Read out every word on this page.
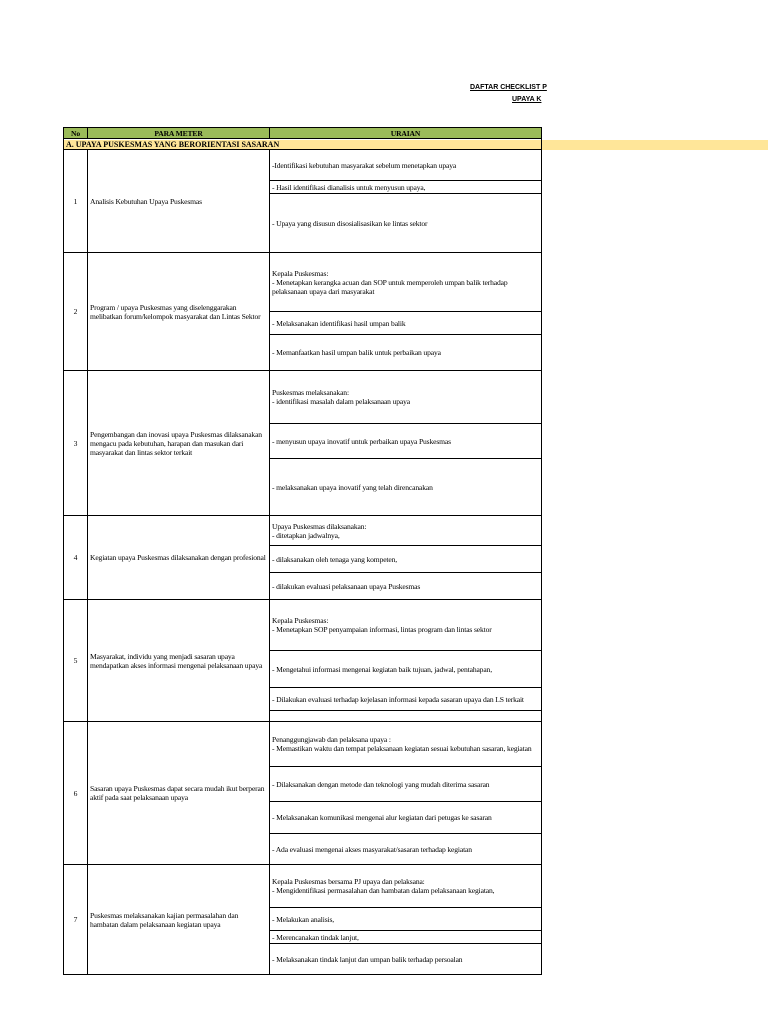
DAFTAR CHECKLIST P
UPAYA K
No	PARA METER	URAIAN

1	Analisis Kebutuhan Upaya Puskesmas	-Identifikasi kebutuhan masyarakat sebelum menetapkan upaya
		- Hasil identifikasi dianalisis untuk menyusun upaya,
		- Upaya yang disusun disosialisasikan ke lintas sektor
2	Program / upaya Puskesmas yang diselenggarakan melibatkan forum/kelompok masyarakat dan Lintas Sektor	Kepala Puskesmas:
- Menetapkan kerangka acuan dan SOP untuk memperoleh umpan balik terhadap pelaksanaan upaya dari masyarakat
		- Melaksanakan identifikasi hasil umpan balik
		- Memanfaatkan hasil umpan balik untuk perbaikan upaya
3	Pengembangan dan inovasi upaya Puskesmas dilaksanakan mengacu pada kebutuhan, harapan dan masukan dari masyarakat dan lintas sektor terkait	Puskesmas melaksanakan:
- identifikasi masalah dalam pelaksanaan upaya
		- menyusun upaya inovatif untuk perbaikan upaya Puskesmas
		- melaksanakan upaya inovatif yang telah direncanakan
4	Kegiatan upaya Puskesmas dilaksanakan dengan profesional	Upaya Puskesmas dilaksanakan:
- ditetapkan jadwalnya,
		- dilaksanakan oleh tenaga yang kompeten,
		- dilakukan evaluasi pelaksanaan upaya Puskesmas
5	Masyarakat, individu yang menjadi sasaran upaya mendapatkan akses informasi mengenai pelaksanaan upaya	Kepala Puskesmas:
- Menetapkan SOP penyampaian informasi, lintas program dan lintas sektor
		- Mengetahui informasi mengenai kegiatan baik tujuan, jadwal, pentahapan,
		- Dilakukan evaluasi terhadap kejelasan informasi kepada sasaran upaya dan LS terkait

6	Sasaran upaya Puskesmas dapat secara mudah ikut berperan aktif pada saat pelaksanaan upaya	Penanggungjawab dan pelaksana upaya :
- Memastikan waktu dan tempat pelaksanaan kegiatan sesuai kebutuhan sasaran, kegiatan
		- Dilaksanakan dengan metode dan teknologi yang mudah diterima sasaran
		- Melaksanakan komunikasi mengenai alur kegiatan dari petugas ke sasaran
		- Ada evaluasi mengenai akses masyarakat/sasaran terhadap kegiatan
7	Puskesmas melaksanakan kajian permasalahan dan hambatan dalam pelaksanaan kegiatan upaya	Kepala Puskesmas bersama PJ upaya dan pelaksana:
- Mengidentifikasi permasalahan dan hambatan dalam pelaksanaan kegiatan,
		- Melakukan analisis,
		- Merencanakan tindak lanjut,
		- Melaksanakan tindak lanjut dan umpan balik terhadap persoalan
A. UPAYA PUSKESMAS YANG BERORIENTASI SASARAN
